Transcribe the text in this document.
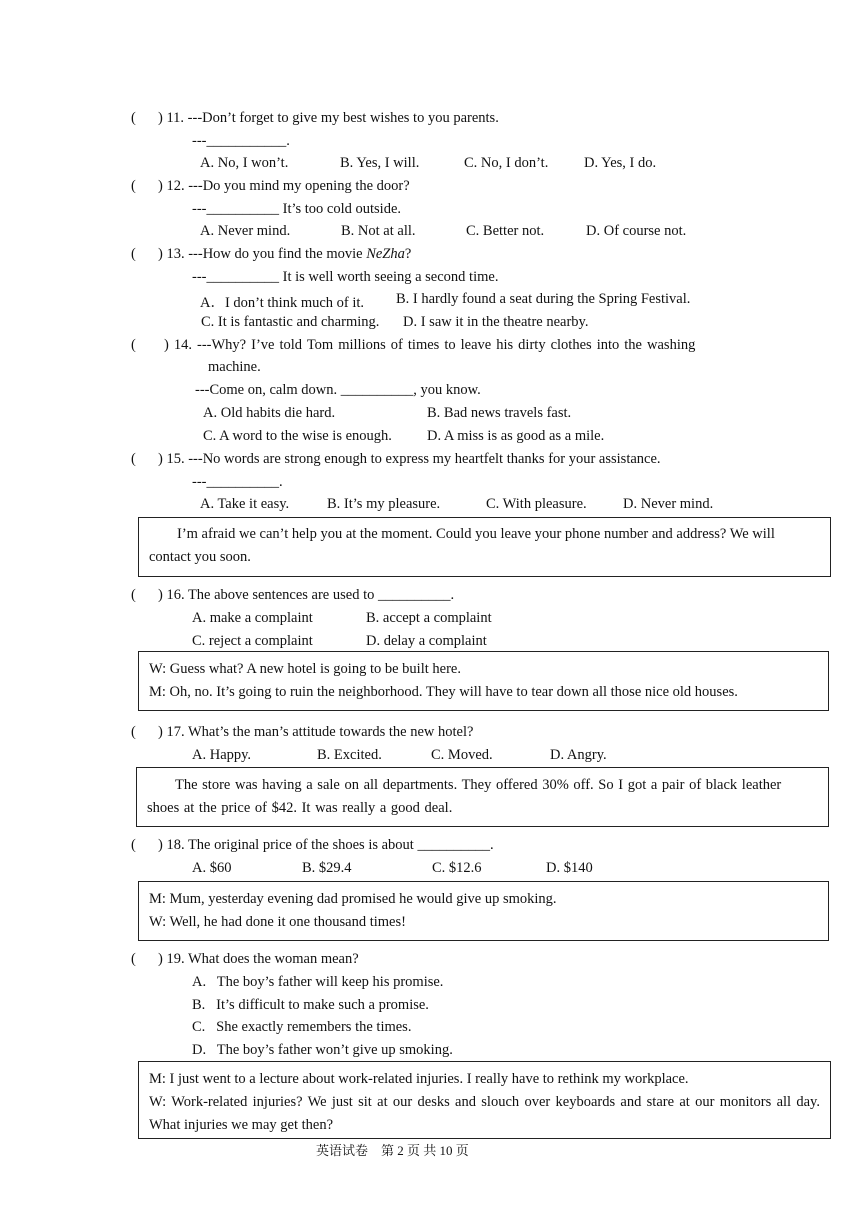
( ) 11. ---Don’t forget to give my best wishes to you parents.
---___________.
A. No, I won’t.	B. Yes, I will.	C. No, I don’t. D. Yes, I do.
( ) 12. ---Do you mind my opening the door?
---__________ It’s too cold outside.
A. Never mind.	B. Not at all.	C. Better not.	D. Of course not.
( ) 13. ---How do you find the movie NeZha?
---__________ It is well worth seeing a second time.
A．I don’t think much of it. B. I hardly found a seat during the Spring Festival.
C. It is fantastic and charming. D. I saw it in the theatre nearby.
( ) 14. ---Why? I’ve told Tom millions of times to leave his dirty clothes into the washing
machine.
---Come on, calm down. __________, you know.
A. Old habits die hard.	B. Bad news travels fast.
C. A word to the wise is enough. D. A miss is as good as a mile.
( ) 15. ---No words are strong enough to express my heartfelt thanks for your assistance.
---__________.
A. Take it easy.	B. It’s my pleasure.	C. With pleasure.	D. Never mind.

I’m afraid we can’t help you at the moment. Could you leave your phone number and address? We will contact you soon.

( ) 16. The above sentences are used to __________.
A. make a complaint	B. accept a complaint
C. reject a complaint	D. delay a complaint

W: Guess what? A new hotel is going to be built here.

M: Oh, no. It’s going to ruin the neighborhood. They will have to tear down all those nice old houses.

( ) 17. What’s the man’s attitude towards the new hotel?
A. Happy.	B. Excited.	C. Moved.	D. Angry.

The store was having a sale on all departments. They offered 30% off. So I got a pair of black leather shoes at the price of $42. It was really a good deal.

( ) 18. The original price of the shoes is about __________.
A. $60	B. $29.4	C. $12.6	D. $140

M: Mum, yesterday evening dad promised he would give up smoking.

W: Well, he had done it one thousand times!

( ) 19. What does the woman mean?
A.   The boy’s father will keep his promise.
B.   It’s difficult to make such a promise.
C.   She exactly remembers the times.
D.   The boy’s father won’t give up smoking.

M: I just went to a lecture about work-related injuries. I really have to rethink my workplace.

W: Work-related injuries? We just sit at our desks and slouch over keyboards and stare at our monitors all day. What injuries we may get then?

英语试卷　第 2 页 共 10 页
